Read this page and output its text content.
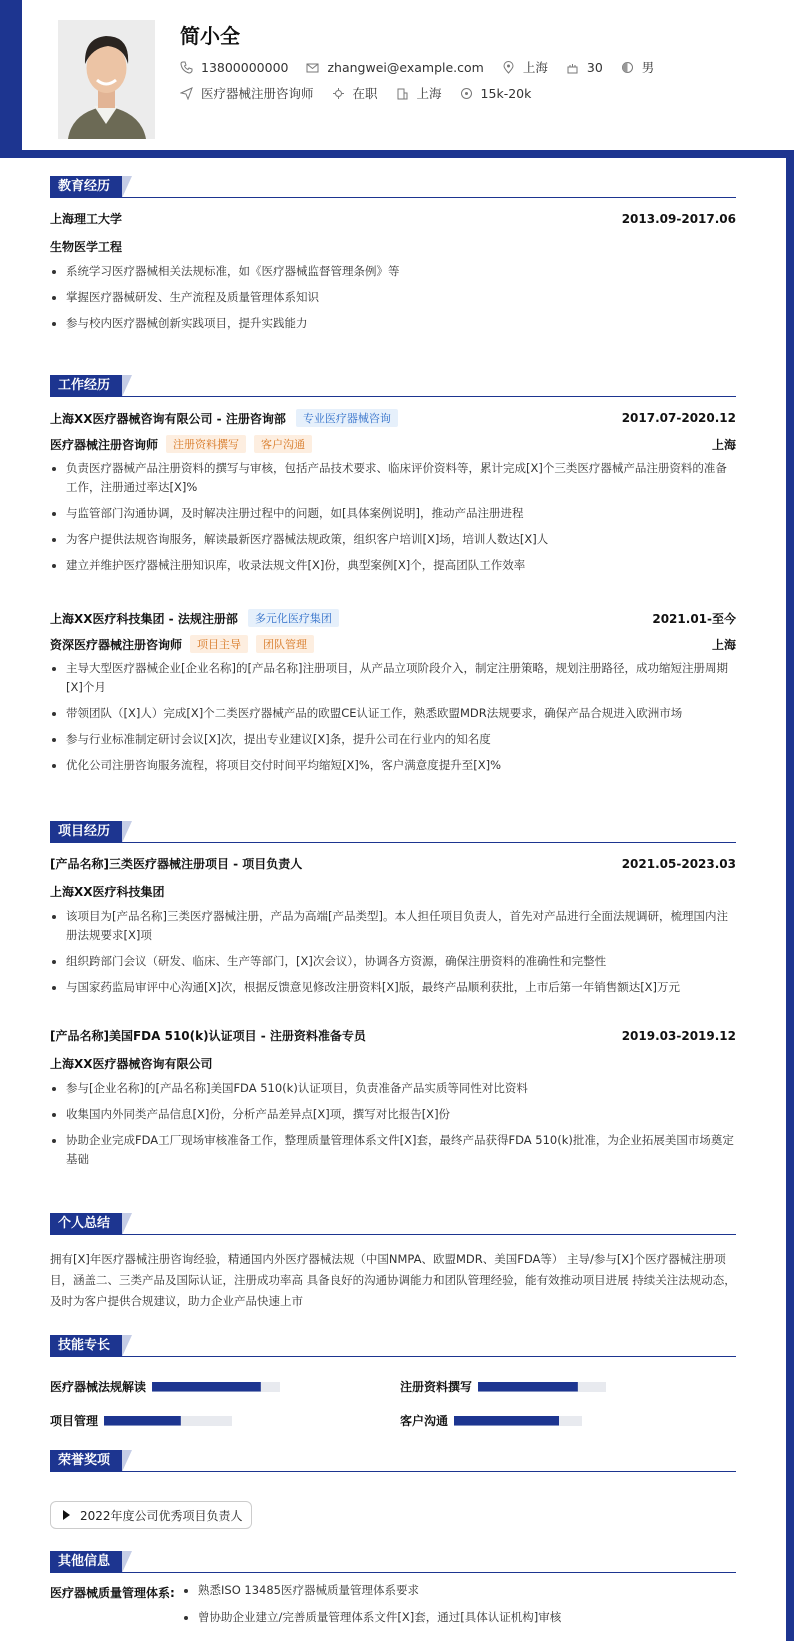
简小全
13800000000	zhangwei@example.com	上海	30	男
医疗器械注册咨询师	在职	上海	15k-20k
教育经历
上海理工大学	2013.09-2017.06
生物医学工程
系统学习医疗器械相关法规标准，如《医疗器械监督管理条例》等
掌握医疗器械研发、生产流程及质量管理体系知识
参与校内医疗器械创新实践项目，提升实践能力
工作经历
上海XX医疗器械咨询有限公司 - 注册咨询部	专业医疗器械咨询	2017.07-2020.12
医疗器械注册咨询师	注册资料撰写	客户沟通	上海
负责医疗器械产品注册资料的撰写与审核，包括产品技术要求、临床评价资料等，累计完成[X]个三类医疗器械产品注册资料的准备工作，注册通过率达[X]%
与监管部门沟通协调，及时解决注册过程中的问题，如[具体案例说明]，推动产品注册进程
为客户提供法规咨询服务，解读最新医疗器械法规政策，组织客户培训[X]场，培训人数达[X]人
建立并维护医疗器械注册知识库，收录法规文件[X]份，典型案例[X]个，提高团队工作效率
上海XX医疗科技集团 - 法规注册部	多元化医疗集团	2021.01-至今
资深医疗器械注册咨询师	项目主导	团队管理	上海
主导大型医疗器械企业[企业名称]的[产品名称]注册项目，从产品立项阶段介入，制定注册策略，规划注册路径，成功缩短注册周期[X]个月
带领团队（[X]人）完成[X]个二类医疗器械产品的欧盟CE认证工作，熟悉欧盟MDR法规要求，确保产品合规进入欧洲市场
参与行业标准制定研讨会议[X]次，提出专业建议[X]条，提升公司在行业内的知名度
优化公司注册咨询服务流程，将项目交付时间平均缩短[X]%，客户满意度提升至[X]%
项目经历
[产品名称]三类医疗器械注册项目 - 项目负责人	2021.05-2023.03
上海XX医疗科技集团
该项目为[产品名称]三类医疗器械注册，产品为高端[产品类型]。本人担任项目负责人，首先对产品进行全面法规调研，梳理国内注册法规要求[X]项
组织跨部门会议（研发、临床、生产等部门，[X]次会议），协调各方资源，确保注册资料的准确性和完整性
与国家药监局审评中心沟通[X]次，根据反馈意见修改注册资料[X]版，最终产品顺利获批，上市后第一年销售额达[X]万元
[产品名称]美国FDA 510(k)认证项目 - 注册资料准备专员	2019.03-2019.12
上海XX医疗器械咨询有限公司
参与[企业名称]的[产品名称]美国FDA 510(k)认证项目，负责准备产品实质等同性对比资料
收集国内外同类产品信息[X]份，分析产品差异点[X]项，撰写对比报告[X]份
协助企业完成FDA工厂现场审核准备工作，整理质量管理体系文件[X]套，最终产品获得FDA 510(k)批准，为企业拓展美国市场奠定基础
个人总结
拥有[X]年医疗器械注册咨询经验，精通国内外医疗器械法规（中国NMPA、欧盟MDR、美国FDA等） 主导/参与[X]个医疗器械注册项目，涵盖二、三类产品及国际认证，注册成功率高 具备良好的沟通协调能力和团队管理经验，能有效推动项目进展 持续关注法规动态，及时为客户提供合规建议，助力企业产品快速上市
技能专长
医疗器械法规解读	注册资料撰写
项目管理	客户沟通
荣誉奖项
2022年度公司优秀项目负责人
其他信息
医疗器械质量管理体系:	熟悉ISO 13485医疗器械质量管理体系要求
曾协助企业建立/完善质量管理体系文件[X]套，通过[具体认证机构]审核
